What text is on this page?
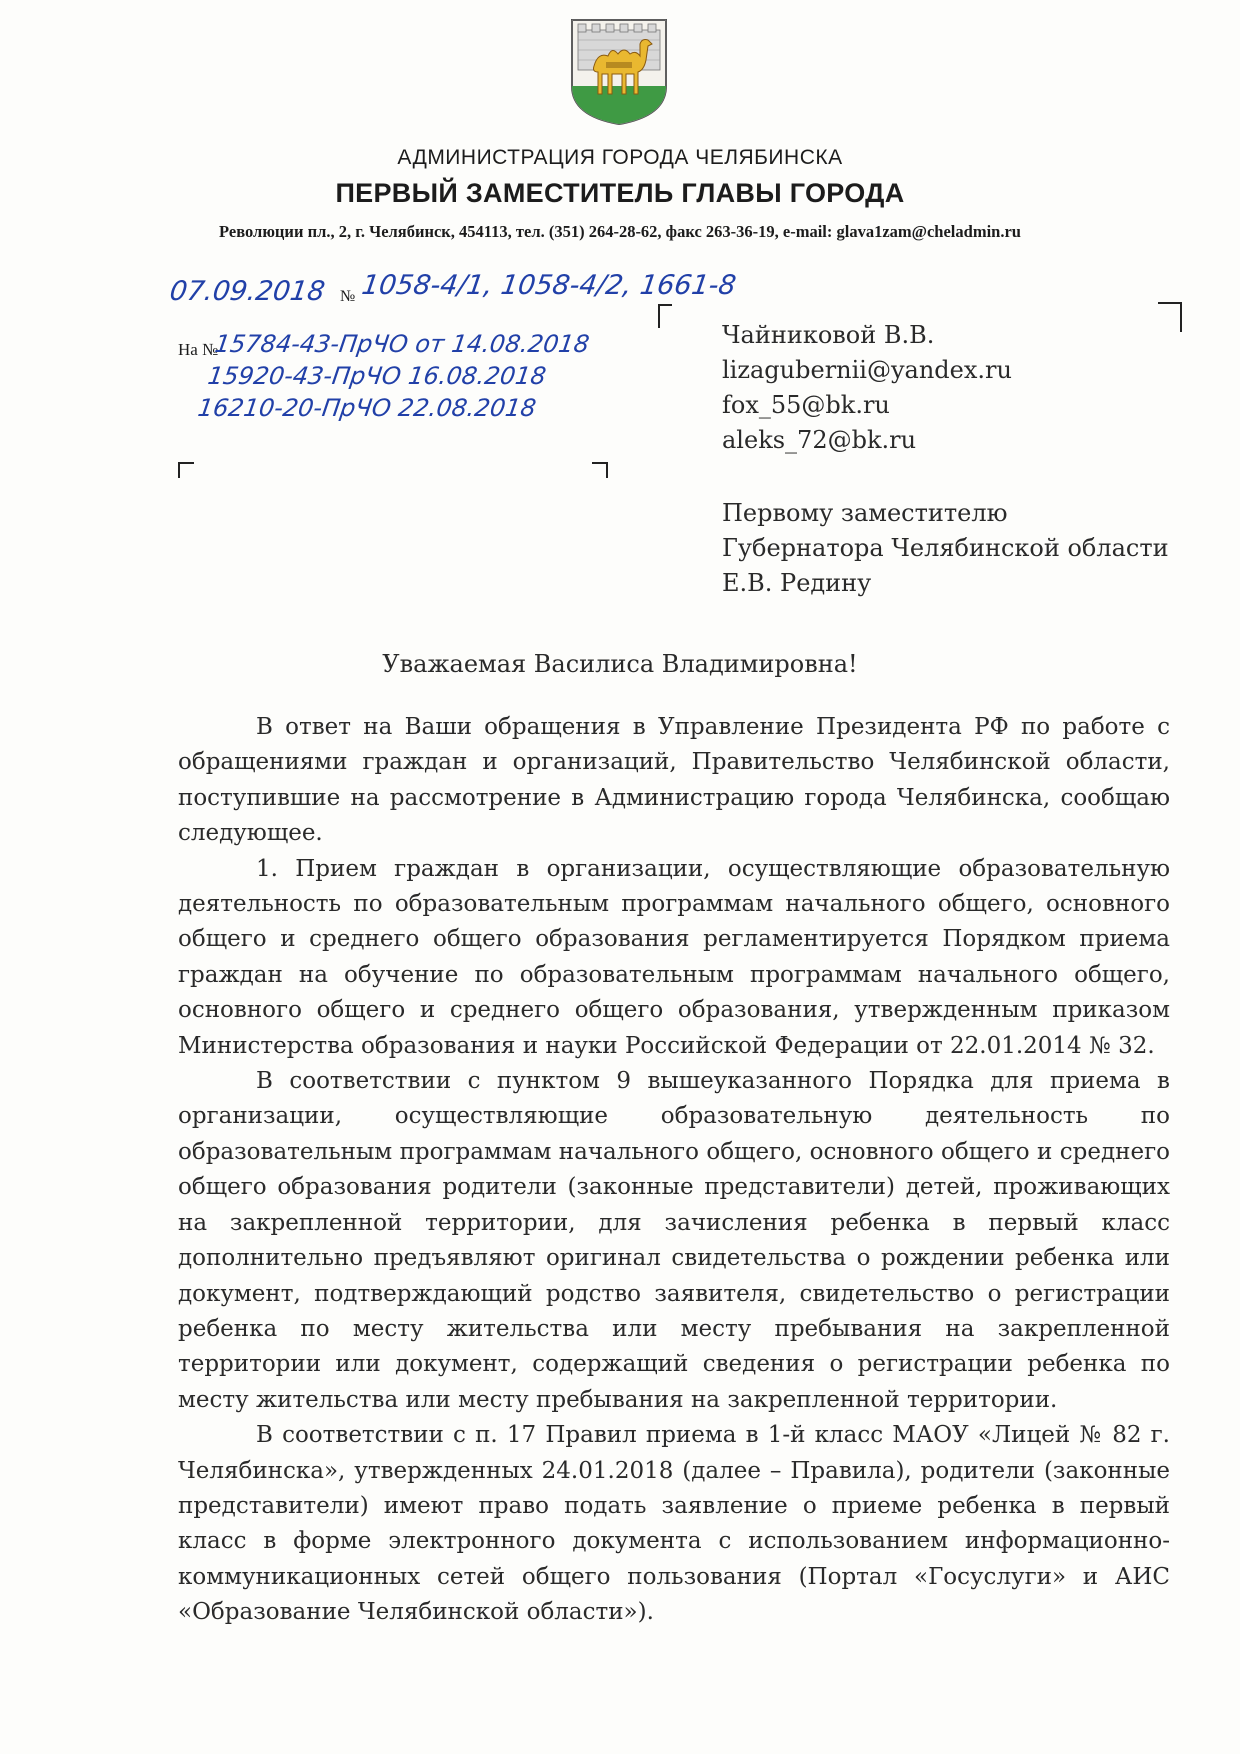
АДМИНИСТРАЦИЯ ГОРОДА ЧЕЛЯБИНСКА
ПЕРВЫЙ ЗАМЕСТИТЕЛЬ ГЛАВЫ ГОРОДА
Революции пл., 2, г. Челябинск, 454113, тел. (351) 264-28-62, факс 263-36-19, e-mail: glava1zam@cheladmin.ru
07.09.2018 № 1058-4/1, 1058-4/2, 1661-8
На №
15784-43-ПрЧО от 14.08.2018
15920-43-ПрЧО 16.08.2018
16210-20-ПрЧО 22.08.2018
Чайниковой В.В.
lizagubernii@yandex.ru
fox_55@bk.ru
aleks_72@bk.ru
Первому заместителю
Губернатора Челябинской области
Е.В. Редину
Уважаемая Василиса Владимировна!

В ответ на Ваши обращения в Управление Президента РФ по работе с обращениями граждан и организаций, Правительство Челябинской области, поступившие на рассмотрение в Администрацию города Челябинска, сообщаю следующее.

1. Прием граждан в организации, осуществляющие образовательную деятельность по образовательным программам начального общего, основного общего и среднего общего образования регламентируется Порядком приема граждан на обучение по образовательным программам начального общего, основного общего и среднего общего образования, утвержденным приказом Министерства образования и науки Российской Федерации от 22.01.2014 № 32.

В соответствии с пунктом 9 вышеуказанного Порядка для приема в организации, осуществляющие образовательную деятельность по образовательным программам начального общего, основного общего и среднего общего образования родители (законные представители) детей, проживающих на закрепленной территории, для зачисления ребенка в первый класс дополнительно предъявляют оригинал свидетельства о рождении ребенка или документ, подтверждающий родство заявителя, свидетельство о регистрации ребенка по месту жительства или месту пребывания на закрепленной территории или документ, содержащий сведения о регистрации ребенка по месту жительства или месту пребывания на закрепленной территории.

В соответствии с п. 17 Правил приема в 1-й класс МАОУ «Лицей № 82 г. Челябинска», утвержденных 24.01.2018 (далее – Правила), родители (законные представители) имеют право подать заявление о приеме ребенка в первый класс в форме электронного документа с использованием информационно-коммуникационных сетей общего пользования (Портал «Госуслуги» и АИС «Образование Челябинской области»).
